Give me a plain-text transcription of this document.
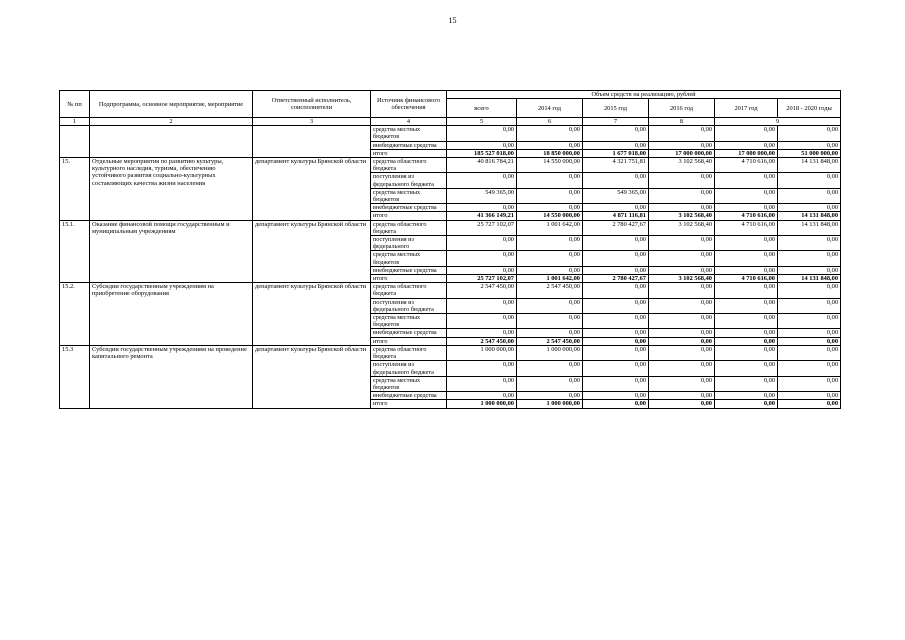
15
№ пп	Подпрограмма, основное мероприятие, мероприятие	Ответственный исполнитель, соисполнители	Источник финансового обеспечения	Объем средств на реализацию, рублей					
				всего	2014 год	2015 год	2016 год	2017 год	2018 - 2020 годы
1	2	3	4	5	6	7	8	9	
			средства местных бюджетов	0,00	0,00	0,00	0,00	0,00	0,00
			внебюджетные средства	0,00	0,00	0,00	0,00	0,00	0,00
			итого	185 527 018,00	18 850 000,00	1 677 018,00	17 000 000,00	17 000 000,00	51 000 000,00
15.	Отдельные мероприятия по развитию культуры, культурного наследия, туризма, обеспечению устойчивого развития социально-культурных составляющих качества жизни населения	департамент культуры Брянской области	средства областного бюджета	40 816 784,21	14 550 000,00	4 321 751,81	3 102 568,40	4 710 616,00	14 131 848,00
			поступления из федерального бюджета	0,00	0,00	0,00	0,00	0,00	0,00
			средства местных бюджетов	549 365,00	0,00	549 365,00	0,00	0,00	0,00
			внебюджетные средства	0,00	0,00	0,00	0,00	0,00	0,00
			итого	41 366 149,21	14 550 000,00	4 871 116,81	3 102 568,40	4 710 616,00	14 131 848,00
15.1.	Оказание финансовой помощи государственным и муниципальным учреждениям	департамент культуры Брянской области	средства областного бюджета	25 727 102,07	1 001 642,00	2 780 427,67	3 102 568,40	4 710 616,00	14 131 848,00
			поступления из федерального	0,00	0,00	0,00	0,00	0,00	0,00
			средства местных бюджетов	0,00	0,00	0,00	0,00	0,00	0,00
			внебюджетные средства	0,00	0,00	0,00	0,00	0,00	0,00
			итого	25 727 102,07	1 001 642,00	2 780 427,67	3 102 568,40	4 710 616,00	14 131 848,00
15.2.	Субсидии государственным учреждениям на приобретение оборудования	департамент культуры Брянской области	средства областного бюджета	2 547 450,00	2 547 450,00	0,00	0,00	0,00	0,00
			поступления из федерального бюджета	0,00	0,00	0,00	0,00	0,00	0,00
			средства местных бюджетов	0,00	0,00	0,00	0,00	0,00	0,00
			внебюджетные средства	0,00	0,00	0,00	0,00	0,00	0,00
			итого	2 547 450,00	2 547 450,00	0,00	0,00	0,00	0,00
15.3	Субсидии государственным учреждениям на проведение капитального ремонта	департамент культуры Брянской области	средства областного бюджета	1 000 000,00	1 000 000,00	0,00	0,00	0,00	0,00
			поступления из федерального бюджета	0,00	0,00	0,00	0,00	0,00	0,00
			средства местных бюджетов	0,00	0,00	0,00	0,00	0,00	0,00
			внебюджетные средства	0,00	0,00	0,00	0,00	0,00	0,00
			итого	1 000 000,00	1 000 000,00	0,00	0,00	0,00	0,00
